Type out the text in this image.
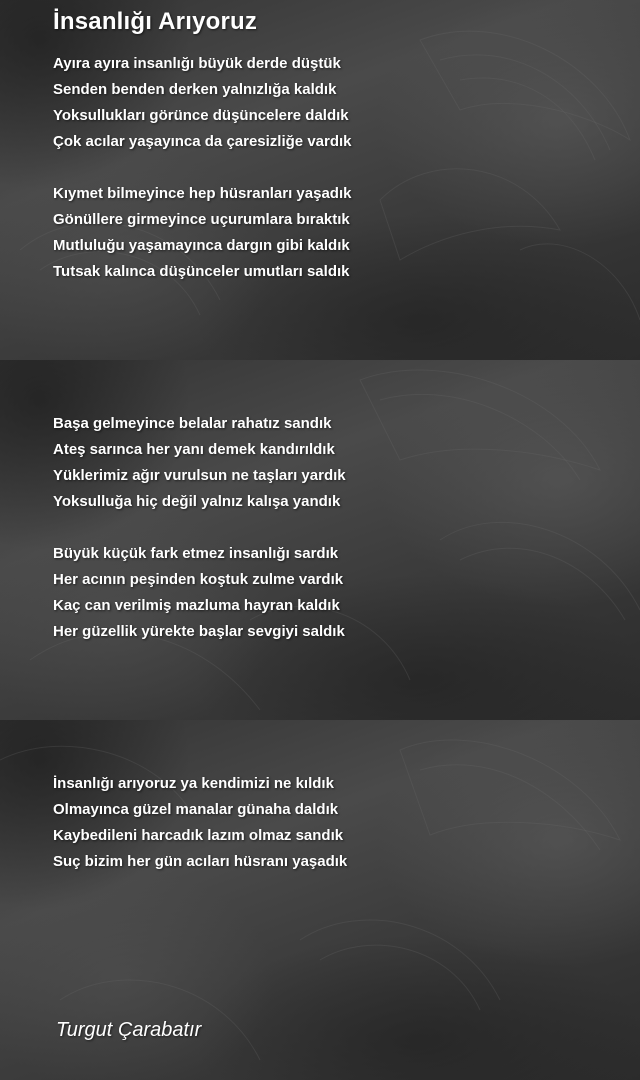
İnsanlığı Arıyoruz
Ayıra ayıra insanlığı büyük derde düştük
Senden benden derken yalnızlığa kaldık
Yoksullukları görünce düşüncelere daldık
Çok acılar yaşayınca da çaresizliğe vardık
Kıymet bilmeyince hep hüsranları yaşadık
Gönüllere girmeyince uçurumlara bıraktık
Mutluluğu yaşamayınca dargın gibi kaldık
Tutsak kalınca düşünceler umutları saldık
Başa gelmeyince belalar rahatız sandık
Ateş sarınca her yanı demek kandırıldık
Yüklerimiz ağır vurulsun ne taşları yardık
Yoksulluğa hiç değil yalnız kalışa yandık
Büyük küçük fark etmez insanlığı sardık
Her acının peşinden koştuk zulme vardık
Kaç can verilmiş mazluma hayran kaldık
Her güzellik yürekte başlar sevgiyi saldık
İnsanlığı arıyoruz ya kendimizi ne kıldık
Olmayınca güzel manalar günaha daldık
Kaybedileni harcadık lazım olmaz sandık
Suç bizim her gün acıları hüsranı yaşadık

Turgut Çarabatır
